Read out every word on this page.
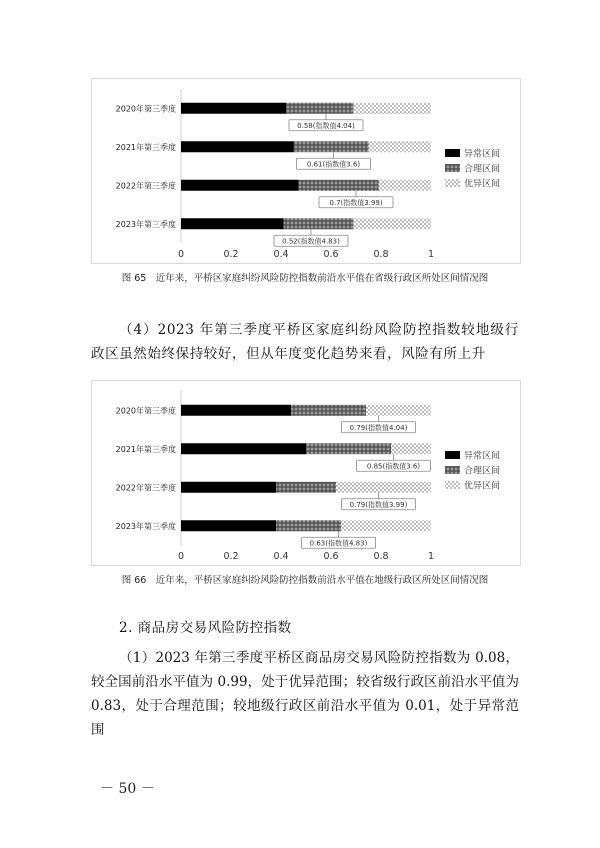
2020年第三季度
0.58(指数值4.04)
2021年第三季度
0.61(指数值3.6)
2022年第三季度
0.7(指数值3.99)
2023年第三季度
0.52(指数值4.83)
0	0.2	0.4	0.6	0.8	1
异常区间
合理区间
优异区间
图 65　近年来，平桥区家庭纠纷风险防控指数前沿水平值在省级行政区所处区间情况图
（4）2023 年第三季度平桥区家庭纠纷风险防控指数较地级行政区虽然始终保持较好，但从年度变化趋势来看，风险有所上升
2020年第三季度
0.79(指数值4.04)
2021年第三季度
0.85(指数值3.6)
2022年第三季度
0.79(指数值3.99)
2023年第三季度
0.63(指数值4.83)
0	0.2	0.4	0.6	0.8	1
异常区间
合理区间
优异区间
图 66　近年来，平桥区家庭纠纷风险防控指数前沿水平值在地级行政区所处区间情况图
2. 商品房交易风险防控指数
（1）2023 年第三季度平桥区商品房交易风险防控指数为 0.08，较全国前沿水平值为 0.99，处于优异范围；较省级行政区前沿水平值为 0.83，处于合理范围；较地级行政区前沿水平值为 0.01，处于异常范围
－ 50 －
